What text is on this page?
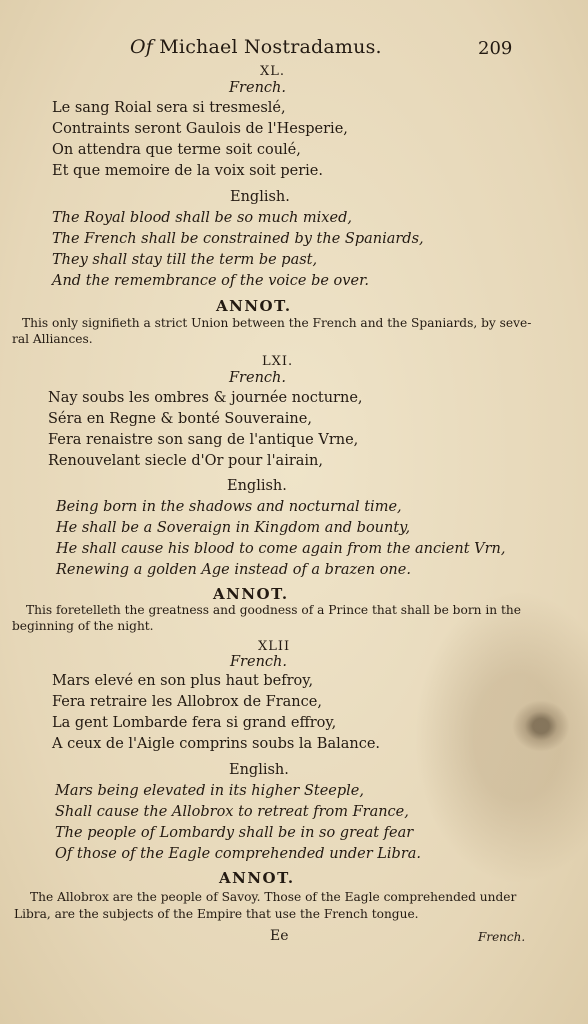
Of Michael Nostradamus.	209
XL.
French.
Le sang Roial sera si tresmeslé,
Contraints seront Gaulois de l'Hesperie,
On attendra que terme soit coulé,
Et que memoire de la voix soit perie.
English.
The Royal blood shall be so much mixed,
The French shall be constrained by the Spaniards,
They shall stay till the term be past,
And the remembrance of the voice be over.
ANNOT.
This only signifieth a strict Union between the French and the Spaniards, by seve-
ral Alliances.
LXI.
French.
Nay soubs les ombres & journée nocturne,
Séra en Regne & bonté Souveraine,
Fera renaistre son sang de l'antique Vrne,
Renouvelant siecle d'Or pour l'airain,
English.
Being born in the shadows and nocturnal time,
He shall be a Soveraign in Kingdom and bounty,
He shall cause his blood to come again from the ancient Vrn,
Renewing a golden Age instead of a brazen one.
ANNOT.
This foretelleth the greatness and goodness of a Prince that shall be born in the
beginning of the night.
XLII
French.
Mars elevé en son plus haut befroy,
Fera retraire les Allobrox de France,
La gent Lombarde fera si grand effroy,
A ceux de l'Aigle comprins soubs la Balance.
English.
Mars being elevated in its higher Steeple,
Shall cause the Allobrox to retreat from France,
The people of Lombardy shall be in so great fear
Of those of the Eagle comprehended under Libra.
ANNOT.
The Allobrox are the people of Savoy. Those of the Eagle comprehended under
Libra, are the subjects of the Empire that use the French tongue.
Ee	French.
